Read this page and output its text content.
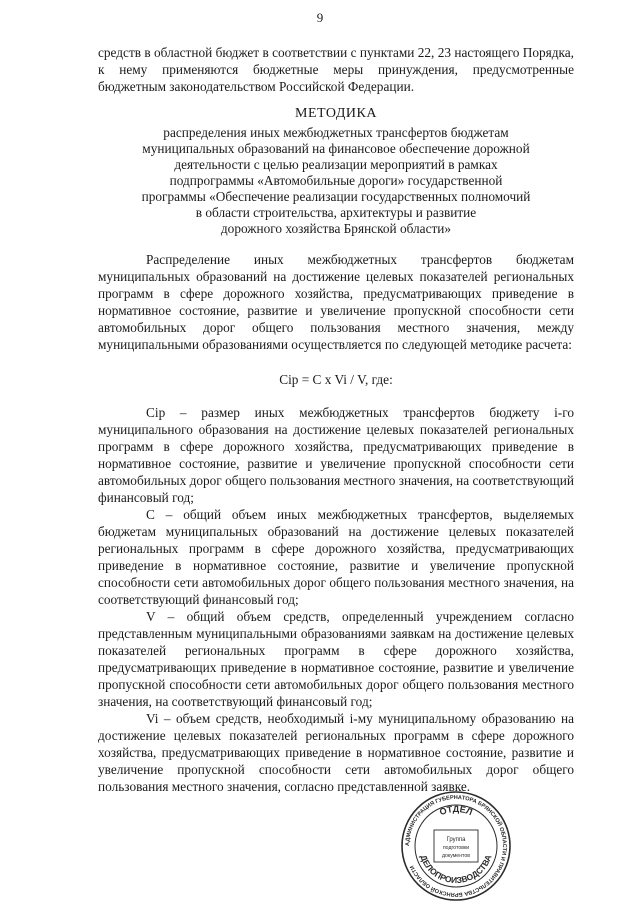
9

средств в областной бюджет в соответствии с пунктами 22, 23 настоящего Порядка, к нему применяются бюджетные меры принуждения, предусмотренные бюджетным законодательством Российской Федерации.

МЕТОДИКА
распределения иных межбюджетных трансфертов бюджетам
муниципальных образований на финансовое обеспечение дорожной
деятельности с целью реализации мероприятий в рамках
подпрограммы «Автомобильные дороги» государственной
программы «Обеспечение реализации государственных полномочий
в области строительства, архитектуры и развитие
дорожного хозяйства Брянской области»

Распределение иных межбюджетных трансфертов бюджетам муниципальных образований на достижение целевых показателей региональных программ в сфере дорожного хозяйства, предусматривающих приведение в нормативное состояние, развитие и увеличение пропускной способности сети автомобильных дорог общего пользования местного значения, между муниципальными образованиями осуществляется по следующей методике расчета:

Сiр = С x Vi / V, где:

Сiр – размер иных межбюджетных трансфертов бюджету i-го муниципального образования на достижение целевых показателей региональных программ в сфере дорожного хозяйства, предусматривающих приведение в нормативное состояние, развитие и увеличение пропускной способности сети автомобильных дорог общего пользования местного значения, на соответствующий финансовый год;

С – общий объем иных межбюджетных трансфертов, выделяемых бюджетам муниципальных образований на достижение целевых показателей региональных программ в сфере дорожного хозяйства, предусматривающих приведение в нормативное состояние, развитие и увеличение пропускной способности сети автомобильных дорог общего пользования местного значения, на соответствующий финансовый год;

V – общий объем средств, определенный учреждением согласно представленным муниципальными образованиями заявкам на достижение целевых показателей региональных программ в сфере дорожного хозяйства, предусматривающих приведение в нормативное состояние, развитие и увеличение пропускной способности сети автомобильных дорог общего пользования местного значения, на соответствующий финансовый год;

Vi – объем средств, необходимый i-му муниципальному образованию на достижение целевых показателей региональных программ в сфере дорожного хозяйства, предусматривающих приведение в нормативное состояние, развитие и увеличение пропускной способности сети автомобильных дорог общего пользования местного значения, согласно представленной заявке.

АДМИНИСТРАЦИЯ ГУБЕРНАТОРА БРЯНСКОЙ ОБЛАСТИ И ПРАВИТЕЛЬСТВА БРЯНСКОЙ ОБЛАСТИ
ОТДЕЛ
ДЕЛОПРОИЗВОДСТВА
Группа
подготовки
документов
